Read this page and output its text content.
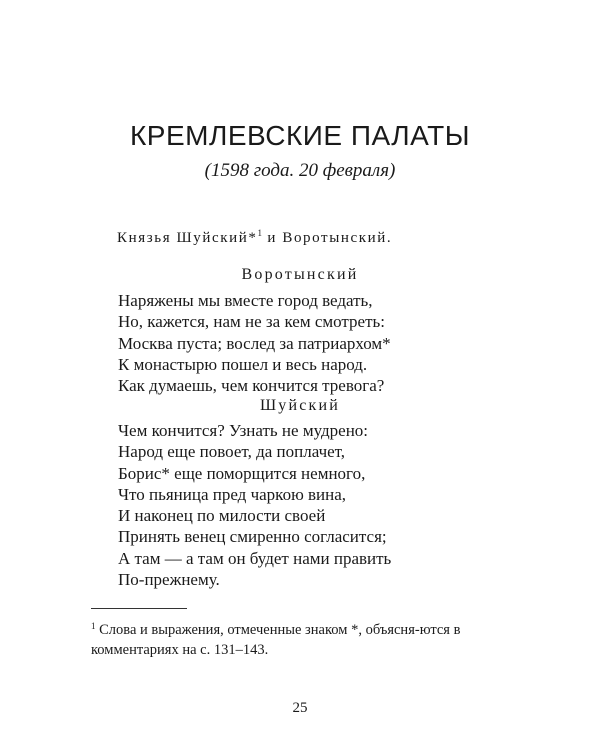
КРЕМЛЕВСКИЕ ПАЛАТЫ
(1598 года. 20 февраля)
Князья Шуйский*$^1$ и Воротынский.
Воротынский
Наряжены мы вместе город ведать,
Но, кажется, нам не за кем смотреть:
Москва пуста; вослед за патриархом*
К монастырю пошел и весь народ.
Как думаешь, чем кончится тревога?
Шуйский
Чем кончится? Узнать не мудрено:
Народ еще повоет, да поплачет,
Борис* еще поморщится немного,
Что пьяница пред чаркою вина,
И наконец по милости своей
Принять венец смиренно согласится;
А там — а там он будет нами править
По-прежнему.
$^1$ Слова и выражения, отмеченные знаком *, объясня-ются в комментариях на с. 131–143.
25
